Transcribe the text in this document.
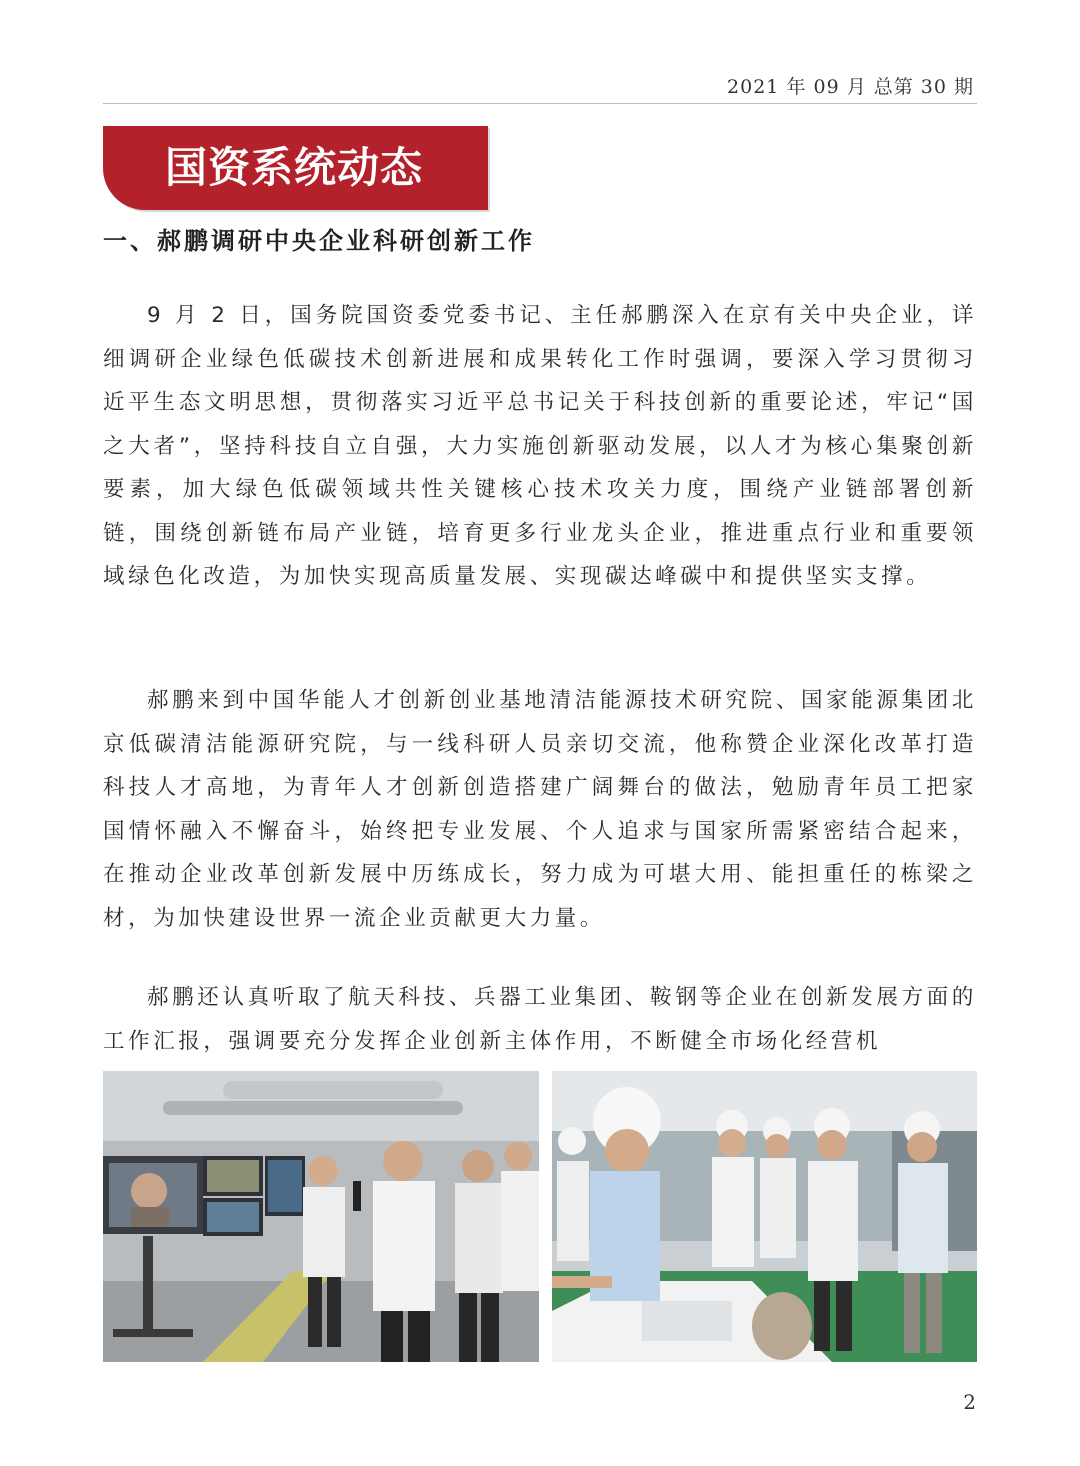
2021 年 09 月 总第 30 期
国资系统动态
一、郝鹏调研中央企业科研创新工作

9 月 2 日，国务院国资委党委书记、主任郝鹏深入在京有关中央企业，详细调研企业绿色低碳技术创新进展和成果转化工作时强调，要深入学习贯彻习近平生态文明思想，贯彻落实习近平总书记关于科技创新的重要论述，牢记“国之大者”，坚持科技自立自强，大力实施创新驱动发展，以人才为核心集聚创新要素，加大绿色低碳领域共性关键核心技术攻关力度，围绕产业链部署创新链，围绕创新链布局产业链，培育更多行业龙头企业，推进重点行业和重要领域绿色化改造，为加快实现高质量发展、实现碳达峰碳中和提供坚实支撑。

郝鹏来到中国华能人才创新创业基地清洁能源技术研究院、国家能源集团北京低碳清洁能源研究院，与一线科研人员亲切交流，他称赞企业深化改革打造科技人才高地，为青年人才创新创造搭建广阔舞台的做法，勉励青年员工把家国情怀融入不懈奋斗，始终把专业发展、个人追求与国家所需紧密结合起来，在推动企业改革创新发展中历练成长，努力成为可堪大用、能担重任的栋梁之材，为加快建设世界一流企业贡献更大力量。

郝鹏还认真听取了航天科技、兵器工业集团、鞍钢等企业在创新发展方面的工作汇报，强调要充分发挥企业创新主体作用，不断健全市场化经营机

2
